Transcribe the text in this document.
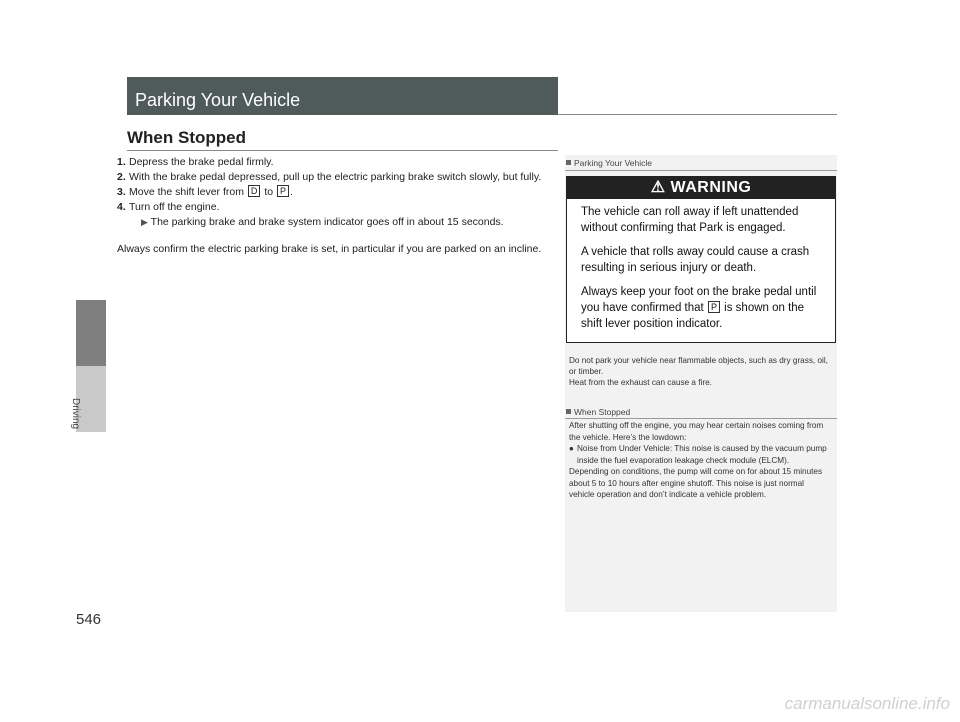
Driving
546
Parking Your Vehicle
When Stopped
1. Depress the brake pedal firmly.
2. With the brake pedal depressed, pull up the electric parking brake switch slowly, but fully.
3. Move the shift lever from D to P .
4. Turn off the engine.
▶ The parking brake and brake system indicator goes off in about 15 seconds.
Always confirm the electric parking brake is set, in particular if you are parked on an incline.
Parking Your Vehicle
⚠ WARNING

The vehicle can roll away if left unattended without confirming that Park is engaged.

A vehicle that rolls away could cause a crash resulting in serious injury or death.

Always keep your foot on the brake pedal until you have confirmed that P is shown on the shift lever position indicator.

Do not park your vehicle near flammable objects, such as dry grass, oil, or timber.
Heat from the exhaust can cause a fire.
When Stopped
After shutting off the engine, you may hear certain noises coming from the vehicle. Here’s the lowdown:
● Noise from Under Vehicle: This noise is caused by the vacuum pump inside the fuel evaporation leakage check module (ELCM).
Depending on conditions, the pump will come on for about 15 minutes about 5 to 10 hours after engine shutoff. This noise is just normal vehicle operation and don’t indicate a vehicle problem.
carmanualsonline.info
